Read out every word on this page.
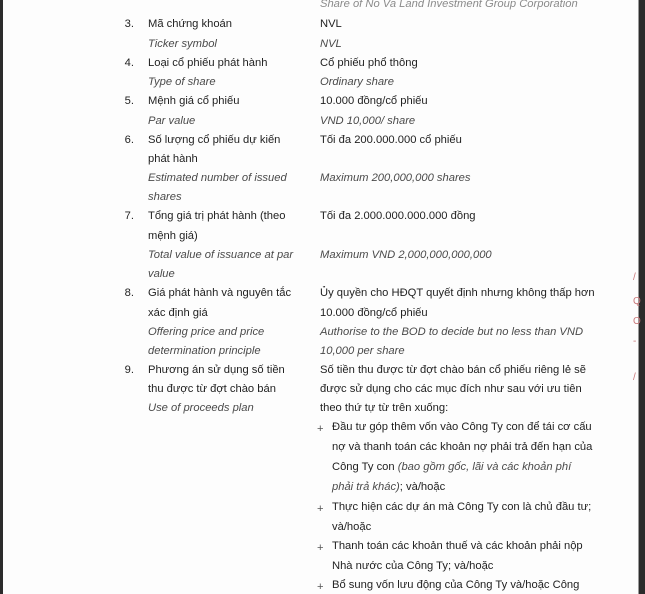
Share of No Va Land Investment Group Corporation
3. Mã chứng khoán
Ticker symbol
NVL
NVL
4. Loại cổ phiếu phát hành
Type of share
Cổ phiếu phổ thông
Ordinary share
5. Mệnh giá cổ phiếu
Par value
10.000 đồng/cổ phiếu
VND 10,000/ share
6. Số lượng cổ phiếu dự kiến
phát hành
Estimated number of issued
shares
Tối đa 200.000.000 cổ phiếu
Maximum 200,000,000 shares
7. Tổng giá trị phát hành (theo
mệnh giá)
Total value of issuance at par
value
Tối đa 2.000.000.000.000 đồng
Maximum VND 2,000,000,000,000
8. Giá phát hành và nguyên tắc
xác định giá
Offering price and price
determination principle
Ủy quyền cho HĐQT quyết định nhưng không thấp hơn
10.000 đồng/cổ phiếu
Authorise to the BOD to decide but no less than VND
10,000 per share
9. Phương án sử dụng số tiền
thu được từ đợt chào bán
Use of proceeds plan
Số tiền thu được từ đợt chào bán cổ phiếu riêng lẻ sẽ
được sử dụng cho các mục đích như sau với ưu tiên
theo thứ tự từ trên xuống:
+ Đầu tư góp thêm vốn vào Công Ty con để tái cơ cấu
nợ và thanh toán các khoản nợ phải trả đến hạn của
Công Ty con (bao gồm gốc, lãi và các khoản phí
phải trả khác); và/hoặc
+ Thực hiện các dự án mà Công Ty con là chủ đầu tư;
và/hoặc
+ Thanh toán các khoản thuế và các khoản phải nộp
Nhà nước của Công Ty; và/hoặc
+ Bổ sung vốn lưu động của Công Ty và/hoặc Công
/
Q
O
-
/
